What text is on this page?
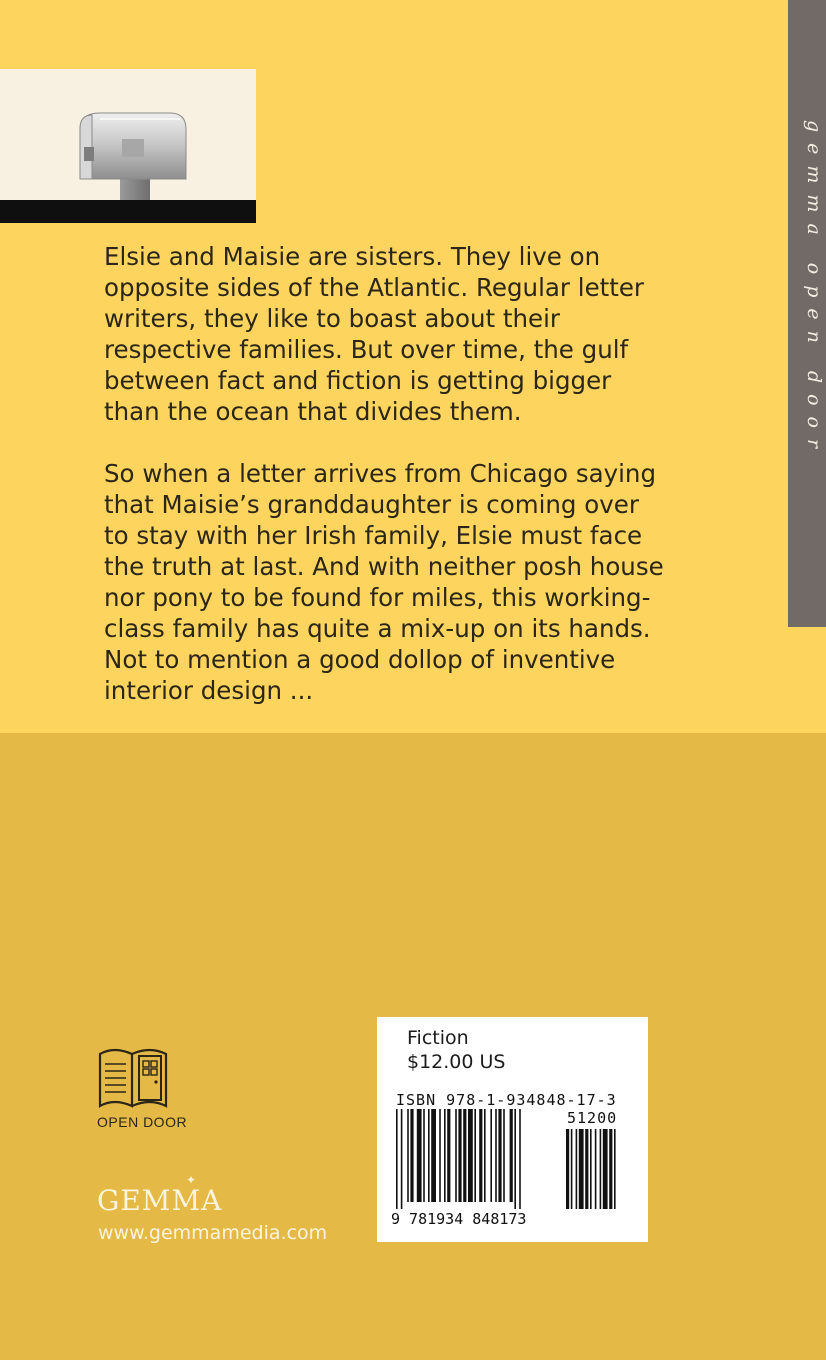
gemma open door

Elsie and Maisie are sisters. They live on opposite sides of the Atlantic. Regular letter writers, they like to boast about their respective families. But over time, the gulf between fact and fiction is getting bigger than the ocean that divides them.

So when a letter arrives from Chicago saying that Maisie’s granddaughter is coming over to stay with her Irish family, Elsie must face the truth at last. And with neither posh house nor pony to be found for miles, this working-class family has quite a mix-up on its hands. Not to mention a good dollop of inventive interior design ...

OPEN DOOR
✦
GEMMA
www.gemmamedia.com
Fiction
$12.00 US
ISBN 978-1-934848-17-3
51200
9 781934 848173
